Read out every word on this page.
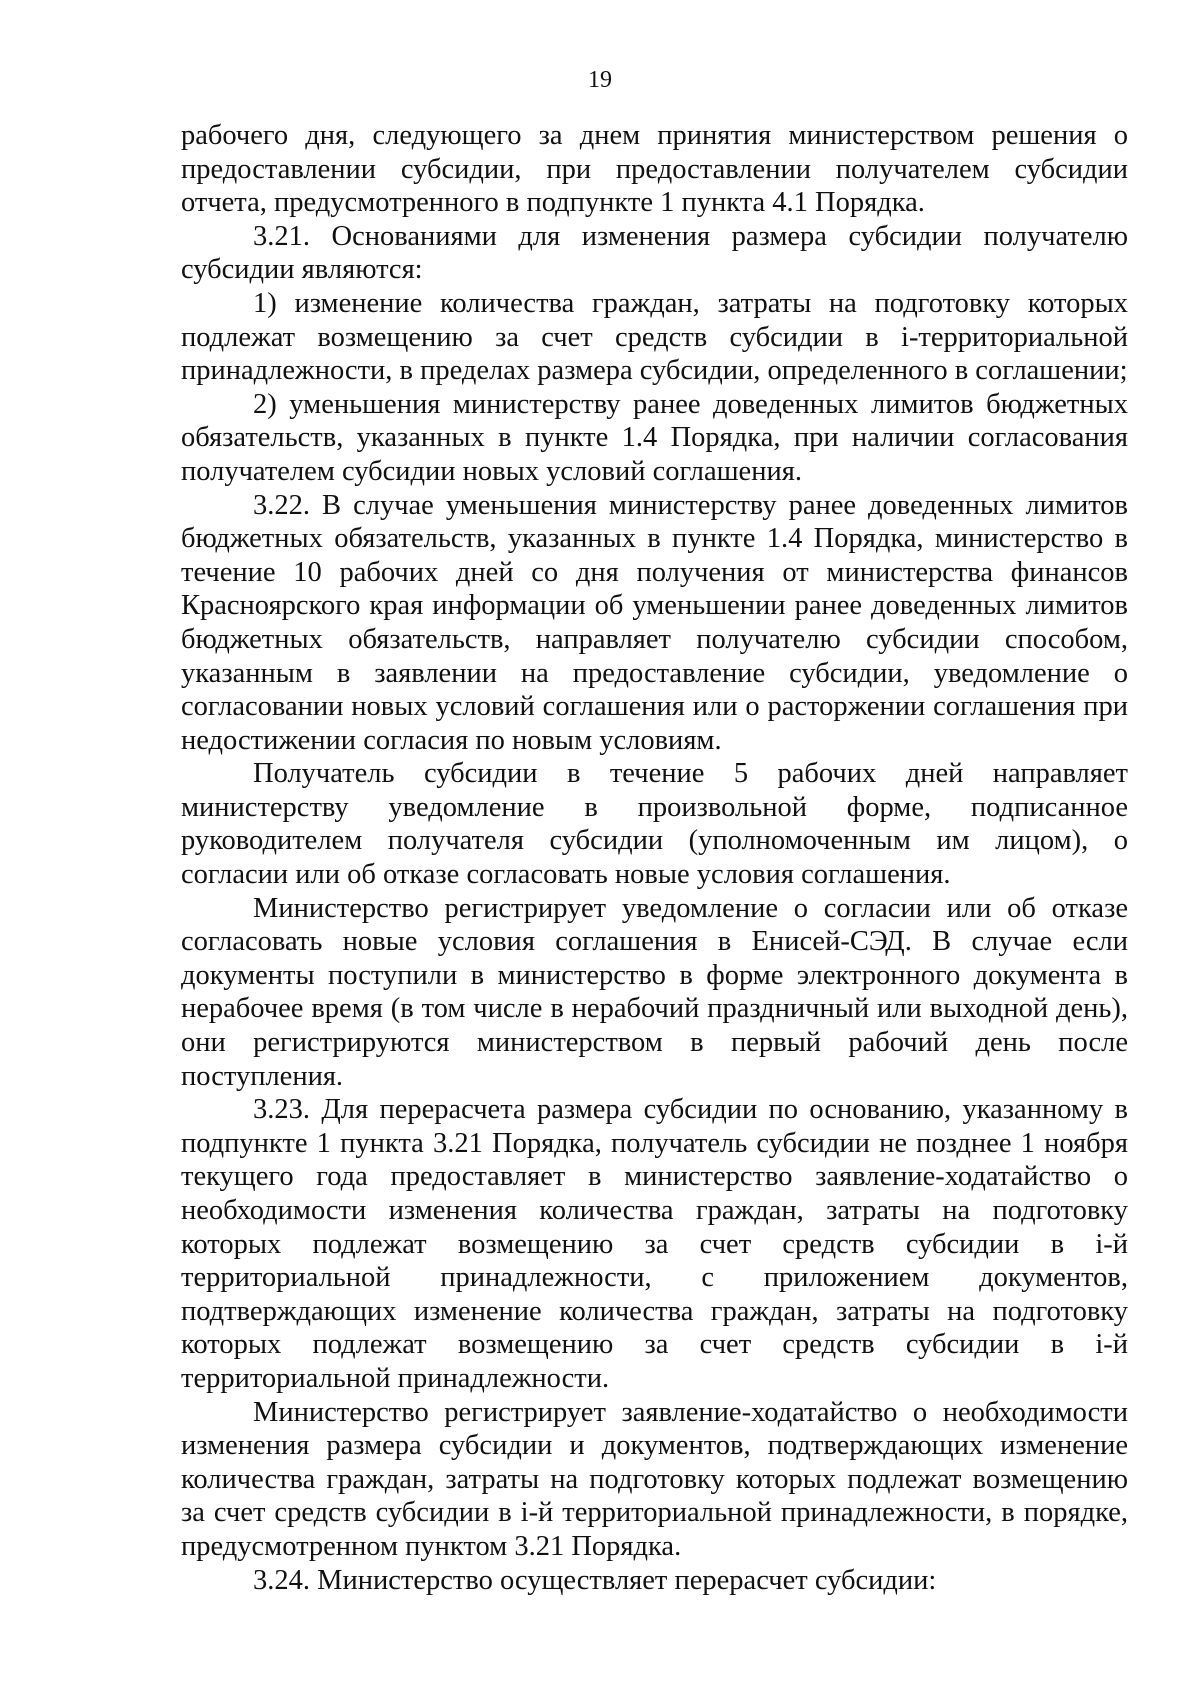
19

рабочего дня, следующего за днем принятия министерством решения о предоставлении субсидии, при предоставлении получателем субсидии отчета, предусмотренного в подпункте 1 пункта 4.1 Порядка.

3.21. Основаниями для изменения размера субсидии получателю субсидии являются:

1) изменение количества граждан, затраты на подготовку которых подлежат возмещению за счет средств субсидии в i-территориальной принадлежности, в пределах размера субсидии, определенного в соглашении;

2) уменьшения министерству ранее доведенных лимитов бюджетных обязательств, указанных в пункте 1.4 Порядка, при наличии согласования получателем субсидии новых условий соглашения.

3.22. В случае уменьшения министерству ранее доведенных лимитов бюджетных обязательств, указанных в пункте 1.4 Порядка, министерство в течение 10 рабочих дней со дня получения от министерства финансов Красноярского края информации об уменьшении ранее доведенных лимитов бюджетных обязательств, направляет получателю субсидии способом, указанным в заявлении на предоставление субсидии, уведомление о согласовании новых условий соглашения или о расторжении соглашения при недостижении согласия по новым условиям.

Получатель субсидии в течение 5 рабочих дней направляет министерству уведомление в произвольной форме, подписанное руководителем получателя субсидии (уполномоченным им лицом), о согласии или об отказе согласовать новые условия соглашения.

Министерство регистрирует уведомление о согласии или об отказе согласовать новые условия соглашения в Енисей-СЭД. В случае если документы поступили в министерство в форме электронного документа в нерабочее время (в том числе в нерабочий праздничный или выходной день), они регистрируются министерством в первый рабочий день после поступления.

3.23. Для перерасчета размера субсидии по основанию, указанному в подпункте 1 пункта 3.21 Порядка, получатель субсидии не позднее 1 ноября текущего года предоставляет в министерство заявление-ходатайство о необходимости изменения количества граждан, затраты на подготовку которых подлежат возмещению за счет средств субсидии в i-й территориальной принадлежности, с приложением документов, подтверждающих изменение количества граждан, затраты на подготовку которых подлежат возмещению за счет средств субсидии в i-й территориальной принадлежности.

Министерство регистрирует заявление-ходатайство о необходимости изменения размера субсидии и документов, подтверждающих изменение количества граждан, затраты на подготовку которых подлежат возмещению за счет средств субсидии в i-й территориальной принадлежности, в порядке, предусмотренном пунктом 3.21 Порядка.

3.24. Министерство осуществляет перерасчет субсидии:
